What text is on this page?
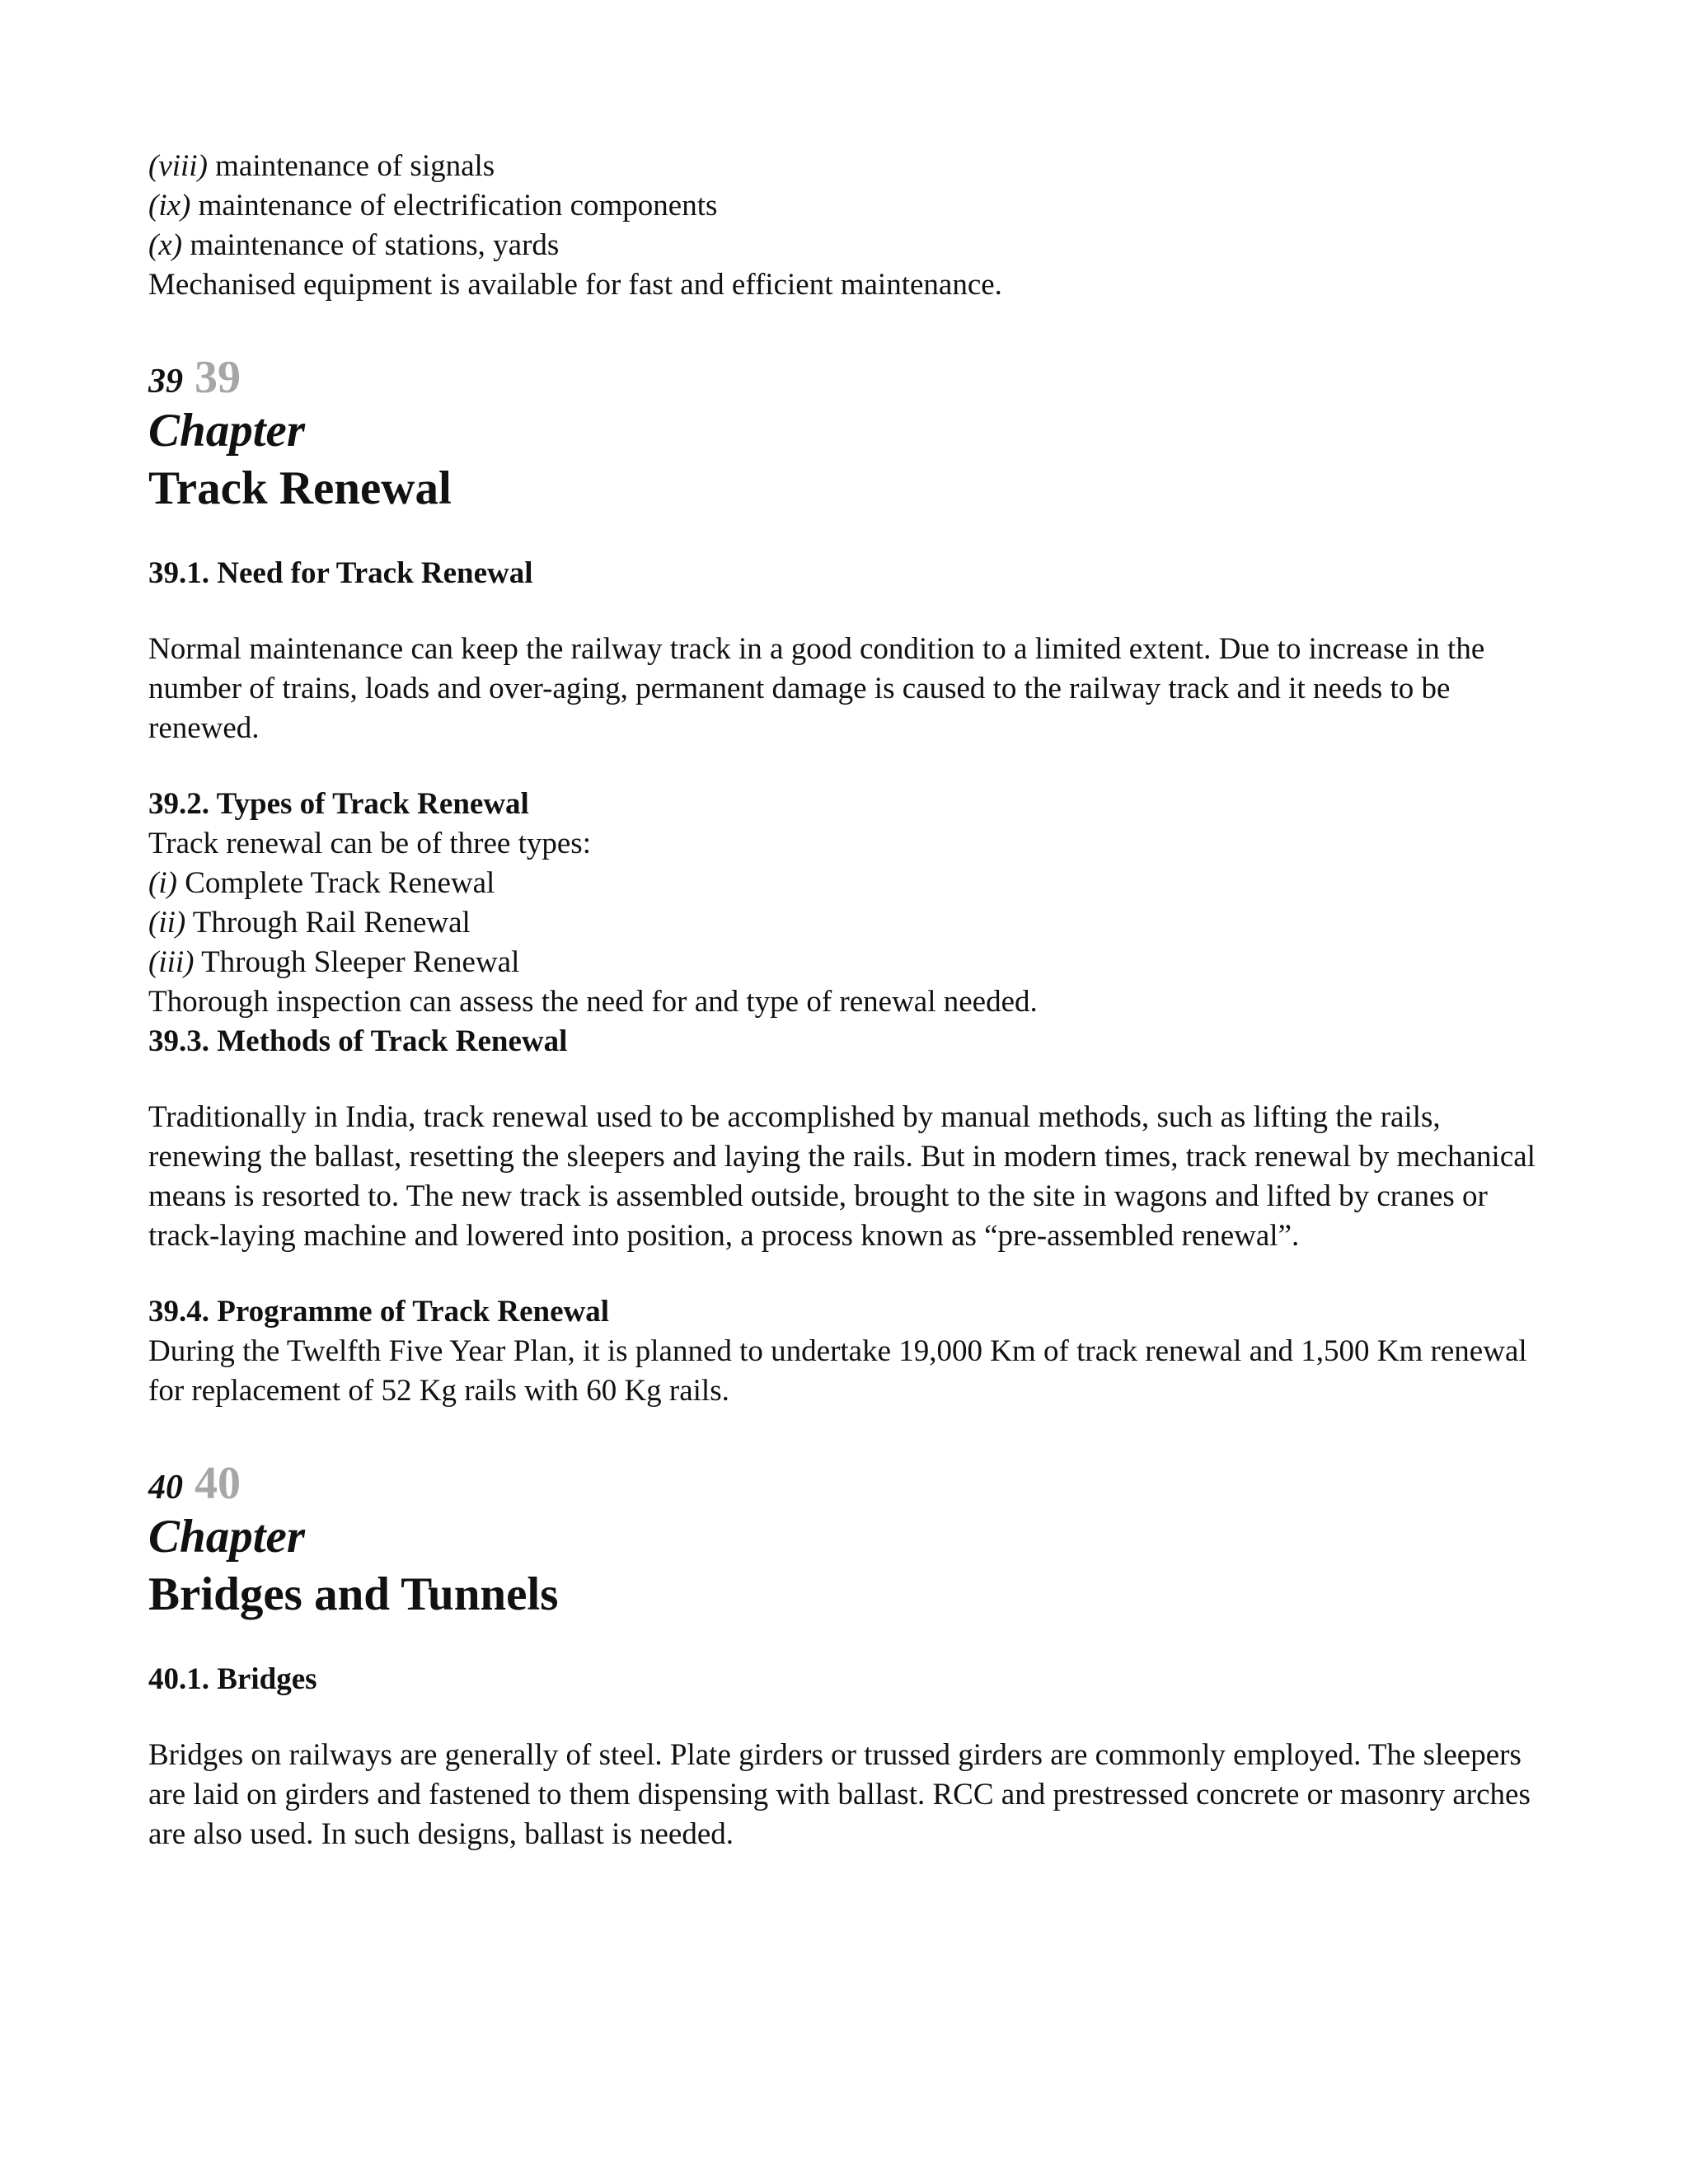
(viii) maintenance of signals

(ix) maintenance of electrification components

(x) maintenance of stations, yards

Mechanised equipment is available for fast and efficient maintenance.

39 39

Chapter

Track Renewal

39.1. Need for Track Renewal

Normal maintenance can keep the railway track in a good condition to a limited extent. Due to increase in the number of trains, loads and over-aging, permanent damage is caused to the railway track and it needs to be renewed.

39.2. Types of Track Renewal

Track renewal can be of three types:

(i) Complete Track Renewal

(ii) Through Rail Renewal

(iii) Through Sleeper Renewal

Thorough inspection can assess the need for and type of renewal needed.

39.3. Methods of Track Renewal

Traditionally in India, track renewal used to be accomplished by manual methods, such as lifting the rails, renewing the ballast, resetting the sleepers and laying the rails. But in modern times, track renewal by mechanical means is resorted to. The new track is assembled outside, brought to the site in wagons and lifted by cranes or track-laying machine and lowered into position, a process known as “pre-assembled renewal”.

39.4. Programme of Track Renewal

During the Twelfth Five Year Plan, it is planned to undertake 19,000 Km of track renewal and 1,500 Km renewal for replacement of 52 Kg rails with 60 Kg rails.

40 40

Chapter

Bridges and Tunnels

40.1. Bridges

Bridges on railways are generally of steel. Plate girders or trussed girders are commonly employed. The sleepers are laid on girders and fastened to them dispensing with ballast. RCC and prestressed concrete or masonry arches are also used. In such designs, ballast is needed.
